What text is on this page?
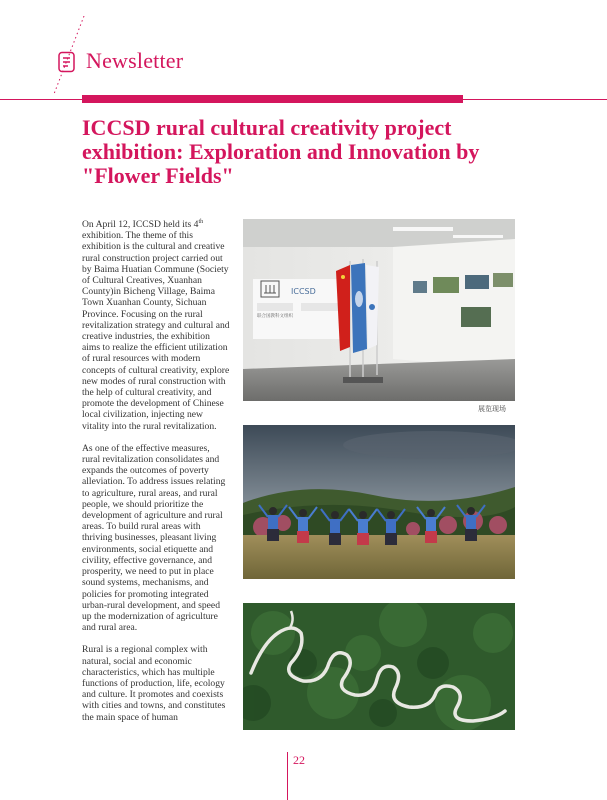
Newsletter
ICCSD rural cultural creativity project exhibition: Exploration and Innovation by "Flower Fields"

On April 12, ICCSD held its 4th exhibition. The theme of this exhibition is the cultural and creative rural construction project carried out by Baima Huatian Commune (Society of Cultural Creatives, Xuanhan County)in Bicheng Village, Baima Town Xuanhan County, Sichuan Province. Focusing on the rural revitalization strategy and cultural and creative industries, the exhibition aims to realize the efficient utilization of rural resources with modern concepts of cultural creativity, explore new modes of rural construction with the help of cultural creativity, and promote the development of Chinese local civilization, injecting new vitality into the rural revitalization.

As one of the effective measures, rural revitalization consolidates and expands the outcomes of poverty alleviation. To address issues relating to agriculture, rural areas, and rural people, we should prioritize the development of agriculture and rural areas. To build rural areas with thriving businesses, pleasant living environments, social etiquette and civility, effective governance, and prosperity, we need to put in place sound systems, mechanisms, and policies for promoting integrated urban-rural development, and speed up the modernization of agriculture and rural area.

Rural is a regional complex with natural, social and economic characteristics, which has multiple functions of production, life, ecology and culture. It promotes and coexists with cities and towns, and constitutes the main space of human

ICCSD
联合国教科文组织
展览现场
22
